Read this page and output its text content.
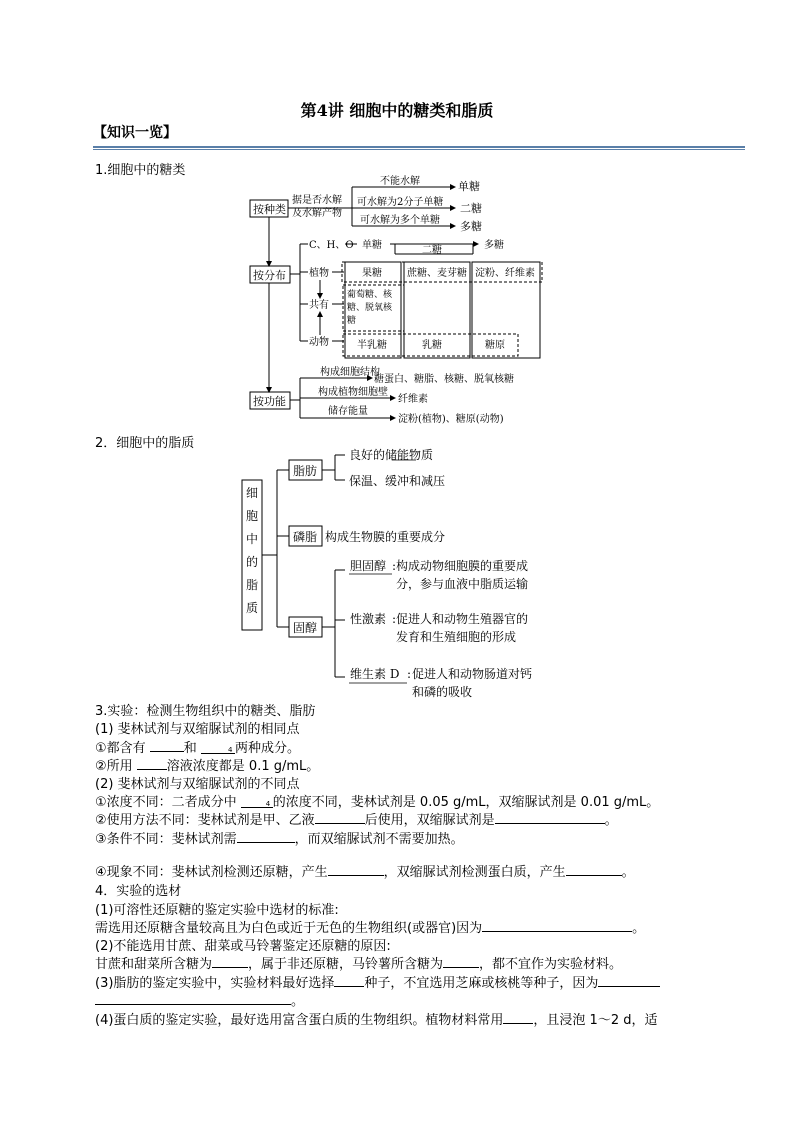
第4讲 细胞中的糖类和脂质
【知识一览】
1.细胞中的糖类
按种类
据是否水解
及水解产物
不能水解
可水解为2分子单糖
可水解为多个单糖
单糖
二糖
多糖
按分布
C、H、O 单糖	二糖	多糖
植物
共有
动物
果糖	蔗糖、麦芽糖 淀粉、纤维素
葡萄糖、核
糖、脱氧核
糖
半乳糖	乳糖	糖原
按功能
构成细胞结构
糖蛋白、糖脂、核糖、脱氧核糖
构成植物细胞壁
纤维素
储存能量
淀粉(植物)、糖原(动物)
2．细胞中的脂质
细
胞
中
的
脂
质
脂肪
良好的储能物质
保温、缓冲和减压
磷脂 构成生物膜的重要成分
固醇
胆固醇 构成动物细胞膜的重要成
分，参与血液中脂质运输
性激素 促进人和动物生殖器官的
发育和生殖细胞的形成
维生素 D 促进人和动物肠道对钙
和磷的吸收
:
:
:
3.实验：检测生物组织中的糖类、脂肪
(1) 斐林试剂与双缩脲试剂的相同点
①都含有	和	4 两种成分。
②所用 溶液浓度都是 0.1 g/mL。
(2) 斐林试剂与双缩脲试剂的不同点
①浓度不同：二者成分中	4 的浓度不同，斐林试剂是 0.05 g/mL，双缩脲试剂是 0.01 g/mL。
②使用方法不同：斐林试剂是甲、乙液	后使用，双缩脲试剂是	。
③条件不同：斐林试剂需	，而双缩脲试剂不需要加热。
④现象不同：斐林试剂检测还原糖，产生	，双缩脲试剂检测蛋白质，产生	。
4．实验的选材
(1)可溶性还原糖的鉴定实验中选材的标准:
需选用还原糖含量较高且为白色或近于无色的生物组织(或器官)因为	。
(2)不能选用甘蔗、甜菜或马铃薯鉴定还原糖的原因:
甘蔗和甜菜所含糖为	，属于非还原糖，马铃薯所含糖为	，都不宜作为实验材料。
(3)脂肪的鉴定实验中，实验材料最好选择 种子，不宜选用芝麻或核桃等种子，因为
。
(4)蛋白质的鉴定实验，最好选用富含蛋白质的生物组织。植物材料常用 ，且浸泡 1～2 d，适
